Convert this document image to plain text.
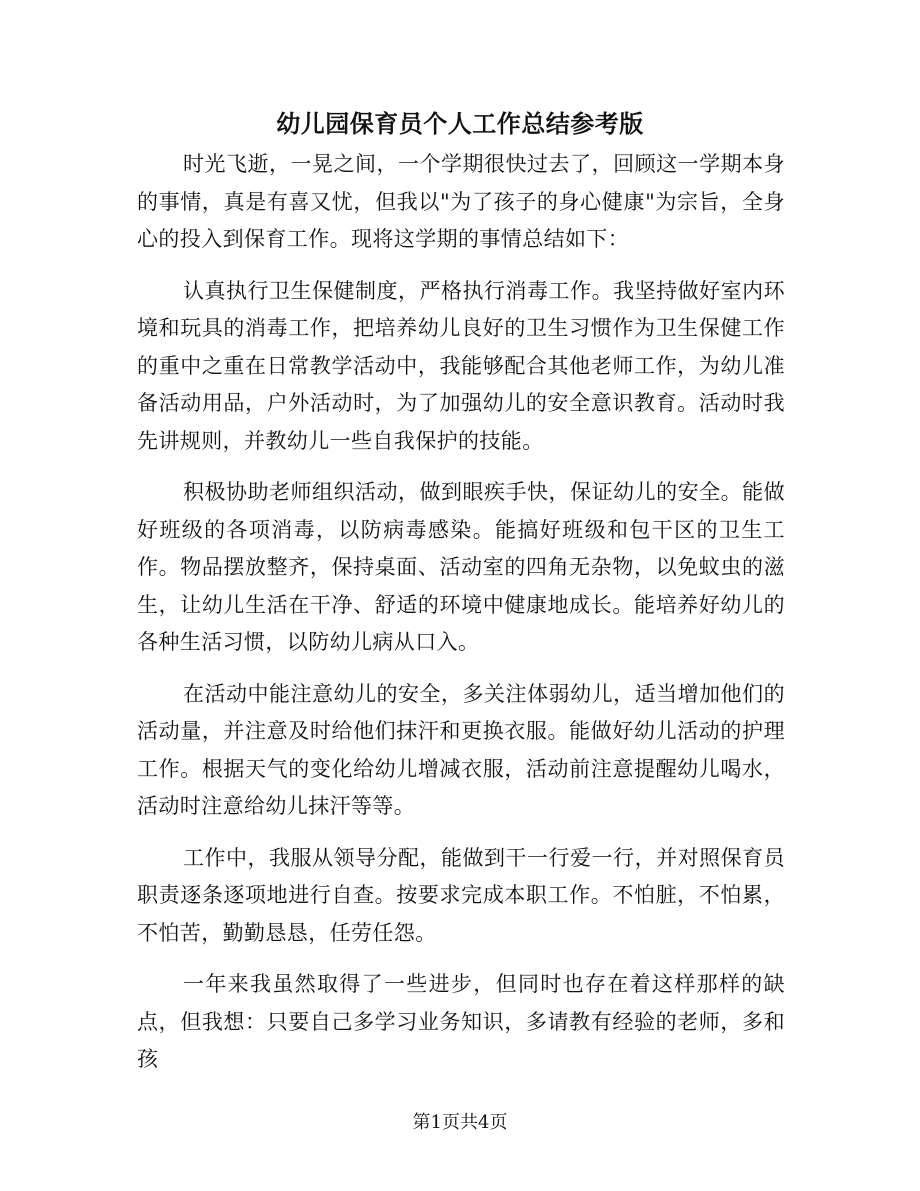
幼儿园保育员个人工作总结参考版

时光飞逝，一晃之间，一个学期很快过去了，回顾这一学期本身的事情，真是有喜又忧，但我以"为了孩子的身心健康"为宗旨，全身心的投入到保育工作。现将这学期的事情总结如下：

认真执行卫生保健制度，严格执行消毒工作。我坚持做好室内环境和玩具的消毒工作，把培养幼儿良好的卫生习惯作为卫生保健工作的重中之重在日常教学活动中，我能够配合其他老师工作，为幼儿准备活动用品，户外活动时，为了加强幼儿的安全意识教育。活动时我先讲规则，并教幼儿一些自我保护的技能。

积极协助老师组织活动，做到眼疾手快，保证幼儿的安全。能做好班级的各项消毒，以防病毒感染。能搞好班级和包干区的卫生工作。物品摆放整齐，保持桌面、活动室的四角无杂物，以免蚊虫的滋生，让幼儿生活在干净、舒适的环境中健康地成长。能培养好幼儿的各种生活习惯，以防幼儿病从口入。

在活动中能注意幼儿的安全，多关注体弱幼儿，适当增加他们的活动量，并注意及时给他们抹汗和更换衣服。能做好幼儿活动的护理工作。根据天气的变化给幼儿增减衣服，活动前注意提醒幼儿喝水，活动时注意给幼儿抹汗等等。

工作中，我服从领导分配，能做到干一行爱一行，并对照保育员职责逐条逐项地进行自查。按要求完成本职工作。不怕脏，不怕累，不怕苦，勤勤恳恳，任劳任怨。

一年来我虽然取得了一些进步，但同时也存在着这样那样的缺点，但我想：只要自己多学习业务知识，多请教有经验的老师，多和孩

第1页共4页
